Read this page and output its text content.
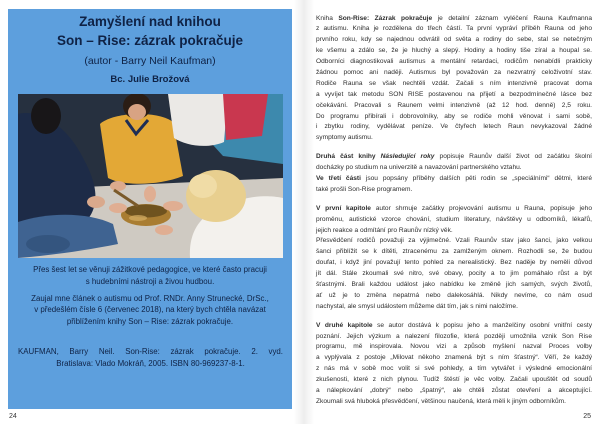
Zamyšlení nad knihou
Son – Rise: zázrak pokračuje
(autor - Barry Neil Kaufman)
Bc. Julie Brožová
Přes šest let se věnuji zážitkové pedagogice, ve které často pracuji
s hudebními nástroji a živou hudbou.
Zaujal mne článek o autismu od Prof. RNDr. Anny Strunecké, DrSc.,
v předešlém čísle 6 (červenec 2018), na který bych chtěla navázat
přiblížením knihy Son – Rise: zázrak pokračuje.
KAUFMAN, Barry Neil. Son-Rise: zázrak pokračuje. 2. vyd.
Bratislava: Vlado Mokráň, 2005. ISBN 80-969237-8-1.
24
Kniha Son-Rise: Zázrak pokračuje je detailní záznam vyléčení Rauna Kaufmanna
z autismu. Kniha je rozdělena do třech částí. Ta první vypráví příběh Rauna od jeho
prvního roku, kdy se najednou odvrátil od světa a rodiny do sebe, stal se netečným
ke všemu a zdálo se, že je hluchý a slepý. Hodiny a hodiny tiše zíral a houpal se.
Odborníci diagnostikovali autismus a mentální retardaci, rodičům nenabídli prakticky
žádnou pomoc ani naději. Autismus byl považován za nezvratný celoživotní stav.
Rodiče Rauna se však nechtěli vzdát. Začali s ním intenzivně pracovat doma
a vyvíjet tak metodu SON RISE postavenou na přijetí a bezpodmínečné lásce bez
očekávání. Pracovali s Raunem velmi intenzivně (až 12 hod. denně) 2,5 roku.
Do programu přibírali i dobrovolníky, aby se rodiče mohli věnovat i sami sobě,
i zbytku rodiny, vydělávat peníze. Ve čtyřech letech Raun nevykazoval žádné
symptomy autismu.
Druhá část knihy Následující roky popisuje Raunův další život od začátku školní
docházky po studium na univerzitě a navazování partnerského vztahu.
Ve třetí části jsou popsány příběhy dalších pěti rodin se „speciálními“ dětmi, které
také prošli Son-Rise programem.
V první kapitole autor shrnuje začátky projevování autismu u Rauna, popisuje jeho
proměnu, autistické vzorce chování, studium literatury, návštěvy u odborníků, lékařů,
jejich reakce a odmítání pro Raunův nízký věk.
Přesvědčení rodičů považuji za výjimečné. Vzali Raunův stav jako šanci, jako velkou
šanci přiblížit se k dítěti, ztracenému za zamlženým oknem. Rozhodli se, že budou
doufat, i když jiní považují tento pohled za nerealistický. Bez naděje by neměli důvod
jít dál. Stále zkoumali své nitro, své obavy, pocity a to jim pomáhalo růst a být
šťastnými. Brali každou událost jako nabídku ke změně jich samých, svých životů,
ať už je to změna nepatrná nebo dalekosáhlá. Nikdy nevíme, co nám osud
nachystal, ale smysl událostem můžeme dát tím, jak s nimi naložíme.
V druhé kapitole se autor dostává k popisu jeho a manželčiny osobní vnitřní cesty
poznání. Jejich výzkum a nalezení filozofie, která později umožnila vznik Son Rise
programu, mě inspirovala. Novou vizi a způsob myšlení nazval Proces volby
a vyplývala z postoje „Milovat někoho znamená být s ním šťastný“. Věří, že každý
z nás má v sobě moc volit si své pohledy, a tím vytvářet i výsledné emocionální
zkušenosti, které z nich plynou. Tudíž štěstí je věc volby. Začali upouštět od soudů
a nálepkování „dobrý“ nebo „špatný“, ale chtěli zůstat otevření a akceptující.
Zkoumali svá hluboká přesvědčení, většinou naučená, která měli k jiným odborníkům.
25
